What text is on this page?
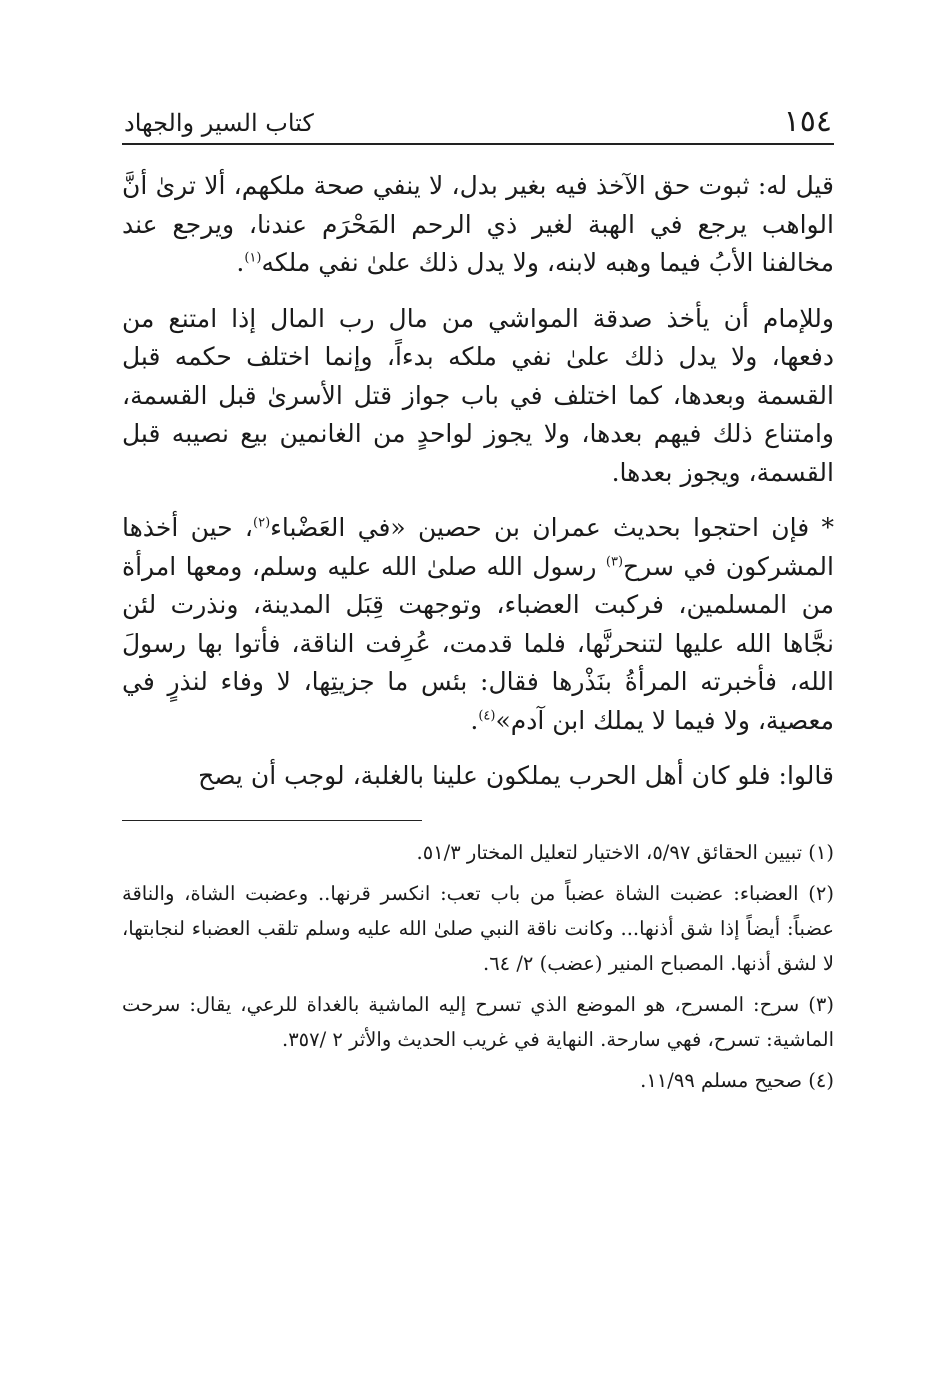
١٥٤
كتاب السير والجهاد

قيل له: ثبوت حق الآخذ فيه بغير بدل، لا ينفي صحة ملكهم، ألا ترىٰ أنَّ الواهب يرجع في الهبة لغير ذي الرحم المَحْرَم عندنا، ويرجع عند مخالفنا الأبُ فيما وهبه لابنه، ولا يدل ذلك علىٰ نفي ملكه$^{(١)}$.

وللإمام أن يأخذ صدقة المواشي من مال رب المال إذا امتنع من دفعها، ولا يدل ذلك علىٰ نفي ملكه بدءاً، وإنما اختلف حكمه قبل القسمة وبعدها، كما اختلف في باب جواز قتل الأسرىٰ قبل القسمة، وامتناع ذلك فيهم بعدها، ولا يجوز لواحدٍ من الغانمين بيع نصيبه قبل القسمة، ويجوز بعدها.

* فإن احتجوا بحديث عمران بن حصين «في العَضْباء$^{(٢)}$، حين أخذها المشركون في سرح$^{(٣)}$ رسول الله صلىٰ الله عليه وسلم، ومعها امرأة من المسلمين، فركبت العضباء، وتوجهت قِبَل المدينة، ونذرت لئن نجَّاها الله عليها لتنحرنَّها، فلما قدمت، عُرِفت الناقة، فأتوا بها رسولَ الله، فأخبرته المرأةُ بنَذْرها فقال: بئس ما جزيتِها، لا وفاء لنذرٍ في معصية، ولا فيما لا يملك ابن آدم»$^{(٤)}$.

قالوا: فلو كان أهل الحرب يملكون علينا بالغلبة، لوجب أن يصح

(١) تبيين الحقائق ٥/٩٧، الاختيار لتعليل المختار ٥١/٣.

(٢) العضباء: عضبت الشاة عضباً من باب تعب: انكسر قرنها.. وعضبت الشاة، والناقة عضباً: أيضاً إذا شق أذنها... وكانت ناقة النبي صلىٰ الله عليه وسلم تلقب العضباء لنجابتها، لا لشق أذنها. المصباح المنير (عضب) ٢/ ٦٤.

(٣) سرح: المسرح، هو الموضع الذي تسرح إليه الماشية بالغداة للرعي، يقال: سرحت الماشية: تسرح، فهي سارحة. النهاية في غريب الحديث والأثر ٢ /٣٥٧.

(٤) صحيح مسلم ١١/٩٩.
